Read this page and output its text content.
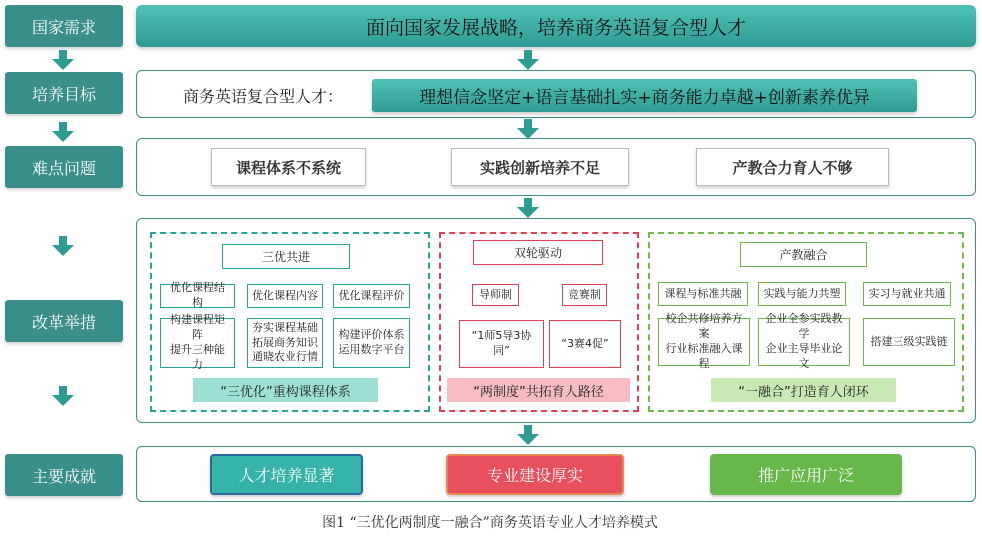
国家需求
培养目标
难点问题
改革举措
主要成就
面向国家发展战略，培养商务英语复合型人才
商务英语复合型人才：	理想信念坚定+语言基础扎实+商务能力卓越+创新素养优异
课程体系不系统	实践创新培养不足	产教合力育人不够
三优共进
优化课程结构
优化课程内容	优化课程评价
构建课程矩阵
提升三种能力
夯实课程基础
拓展商务知识
通晓农业行情
构建评价体系
运用数字平台
“三优化”重构课程体系
双轮驱动
导师制	竞赛制
“1师5导3协同”
“3赛4促”
“两制度”共拓育人路径
产教融合
课程与标准共融	实践与能力共塑	实习与就业共通
校企共修培养方案
行业标准融入课程
企业全参实践教学
企业主导毕业论文
搭建三级实践链
“一融合”打造育人闭环
人才培养显著	专业建设厚实	推广应用广泛
图1 “三优化两制度一融合”商务英语专业人才培养模式
